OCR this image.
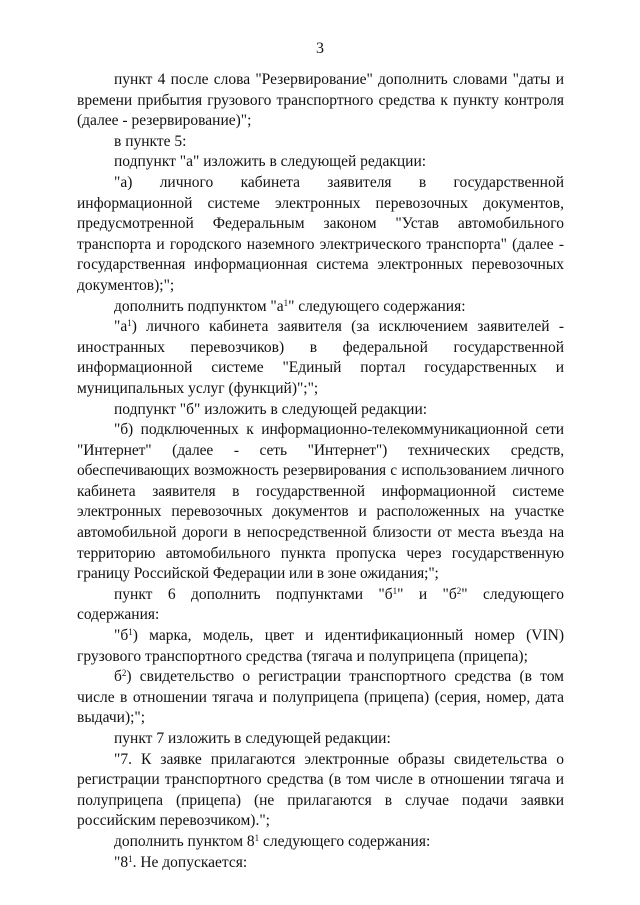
3

пункт 4 после слова "Резервирование" дополнить словами "даты и времени прибытия грузового транспортного средства к пункту контроля (далее - резервирование)";

в пункте 5:

подпункт "а" изложить в следующей редакции:

"а) личного кабинета заявителя в государственной информационной системе электронных перевозочных документов, предусмотренной Федеральным законом "Устав автомобильного транспорта и городского наземного электрического транспорта" (далее - государственная информационная система электронных перевозочных документов);";

дополнить подпунктом "$а^1$" следующего содержания:

"$а^1$) личного кабинета заявителя (за исключением заявителей - иностранных перевозчиков) в федеральной государственной информационной системе "Единый портал государственных и муниципальных услуг (функций)";";

подпункт "б" изложить в следующей редакции:

"б) подключенных к информационно-телекоммуникационной сети "Интернет" (далее - сеть "Интернет") технических средств, обеспечивающих возможность резервирования с использованием личного кабинета заявителя в государственной информационной системе электронных перевозочных документов и расположенных на участке автомобильной дороги в непосредственной близости от места въезда на территорию автомобильного пункта пропуска через государственную границу Российской Федерации или в зоне ожидания;";

пункт 6 дополнить подпунктами "$б^1$" и "$б^2$" следующего содержания:

"$б^1$) марка, модель, цвет и идентификационный номер (VIN) грузового транспортного средства (тягача и полуприцепа (прицепа);

$б^2$) свидетельство о регистрации транспортного средства (в том числе в отношении тягача и полуприцепа (прицепа) (серия, номер, дата выдачи);";

пункт 7 изложить в следующей редакции:

"7. К заявке прилагаются электронные образы свидетельства о регистрации транспортного средства (в том числе в отношении тягача и полуприцепа (прицепа) (не прилагаются в случае подачи заявки российским перевозчиком).";

дополнить пунктом $8^1$ следующего содержания:

"$8^1$. Не допускается:
